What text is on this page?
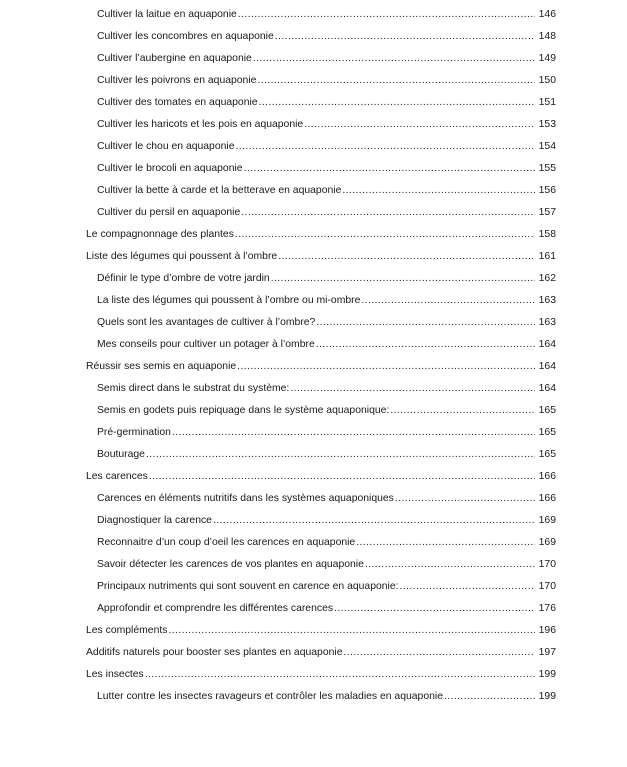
Cultiver la laitue en aquaponie .....	146
Cultiver les concombres en aquaponie .....	148
Cultiver l’aubergine en aquaponie .....	149
Cultiver les poivrons en aquaponie .....	150
Cultiver des tomates en aquaponie .....	151
Cultiver les haricots et les pois en aquaponie .....	153
Cultiver le chou en aquaponie .....	154
Cultiver le brocoli en aquaponie .....	155
Cultiver la bette à carde et la betterave en aquaponie .....	156
Cultiver du persil en aquaponie .....	157
Le compagnonnage des plantes .....	158
Liste des légumes qui poussent à l’ombre .....	161
Définir le type d’ombre de votre jardin .....	162
La liste des légumes qui poussent à l’ombre ou mi-ombre .....	163
Quels sont les avantages de cultiver à l’ombre? .....	163
Mes conseils pour cultiver un potager à l’ombre .....	164
Réussir ses semis en aquaponie .....	164
Semis direct dans le substrat du système: .....	164
Semis en godets puis repiquage dans le système aquaponique: .....	165
Pré-germination .....	165
Bouturage .....	165
Les carences .....	166
Carences en éléments nutritifs dans les systèmes aquaponiques .....	166
Diagnostiquer la carence .....	169
Reconnaitre d’un coup d’oeil les carences en aquaponie .....	169
Savoir détecter les carences de vos plantes en aquaponie .....	170
Principaux nutriments qui sont souvent en carence en aquaponie: .....	170
Approfondir et comprendre les différentes carences .....	176
Les compléments .....	196
Additifs naturels pour booster ses plantes en aquaponie .....	197
Les insectes .....	199
Lutter contre les insectes ravageurs et contrôler les maladies en aquaponie .....	199
